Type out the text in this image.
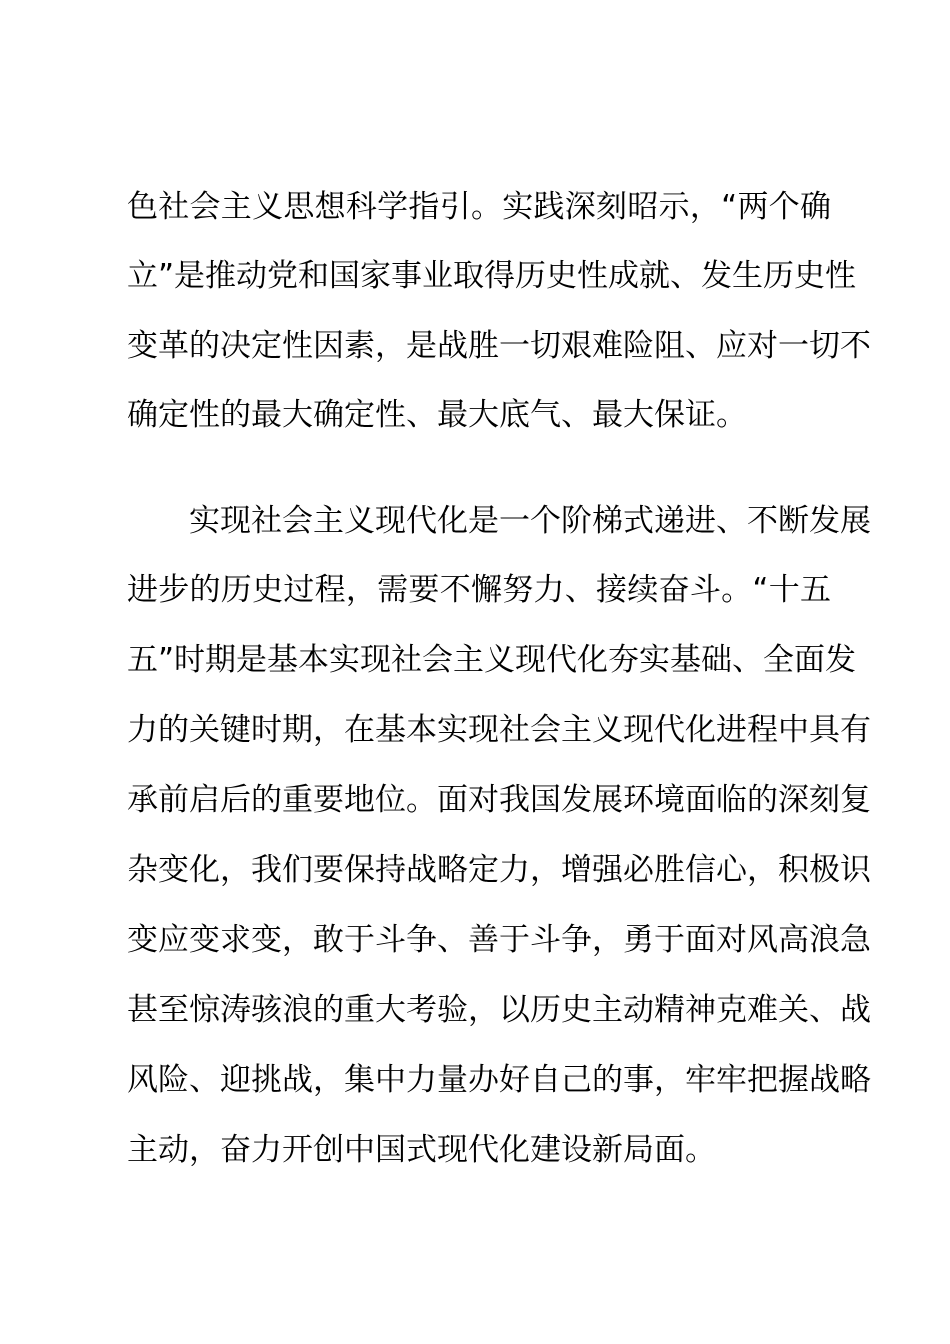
色社会主义思想科学指引。实践深刻昭示，“两个确
立”是推动党和国家事业取得历史性成就、发生历史性
变革的决定性因素，是战胜一切艰难险阻、应对一切不
确定性的最大确定性、最大底气、最大保证。
　　实现社会主义现代化是一个阶梯式递进、不断发展
进步的历史过程，需要不懈努力、接续奋斗。“十五
五”时期是基本实现社会主义现代化夯实基础、全面发
力的关键时期，在基本实现社会主义现代化进程中具有
承前启后的重要地位。面对我国发展环境面临的深刻复
杂变化，我们要保持战略定力，增强必胜信心，积极识
变应变求变，敢于斗争、善于斗争，勇于面对风高浪急
甚至惊涛骇浪的重大考验，以历史主动精神克难关、战
风险、迎挑战，集中力量办好自己的事，牢牢把握战略
主动，奋力开创中国式现代化建设新局面。
